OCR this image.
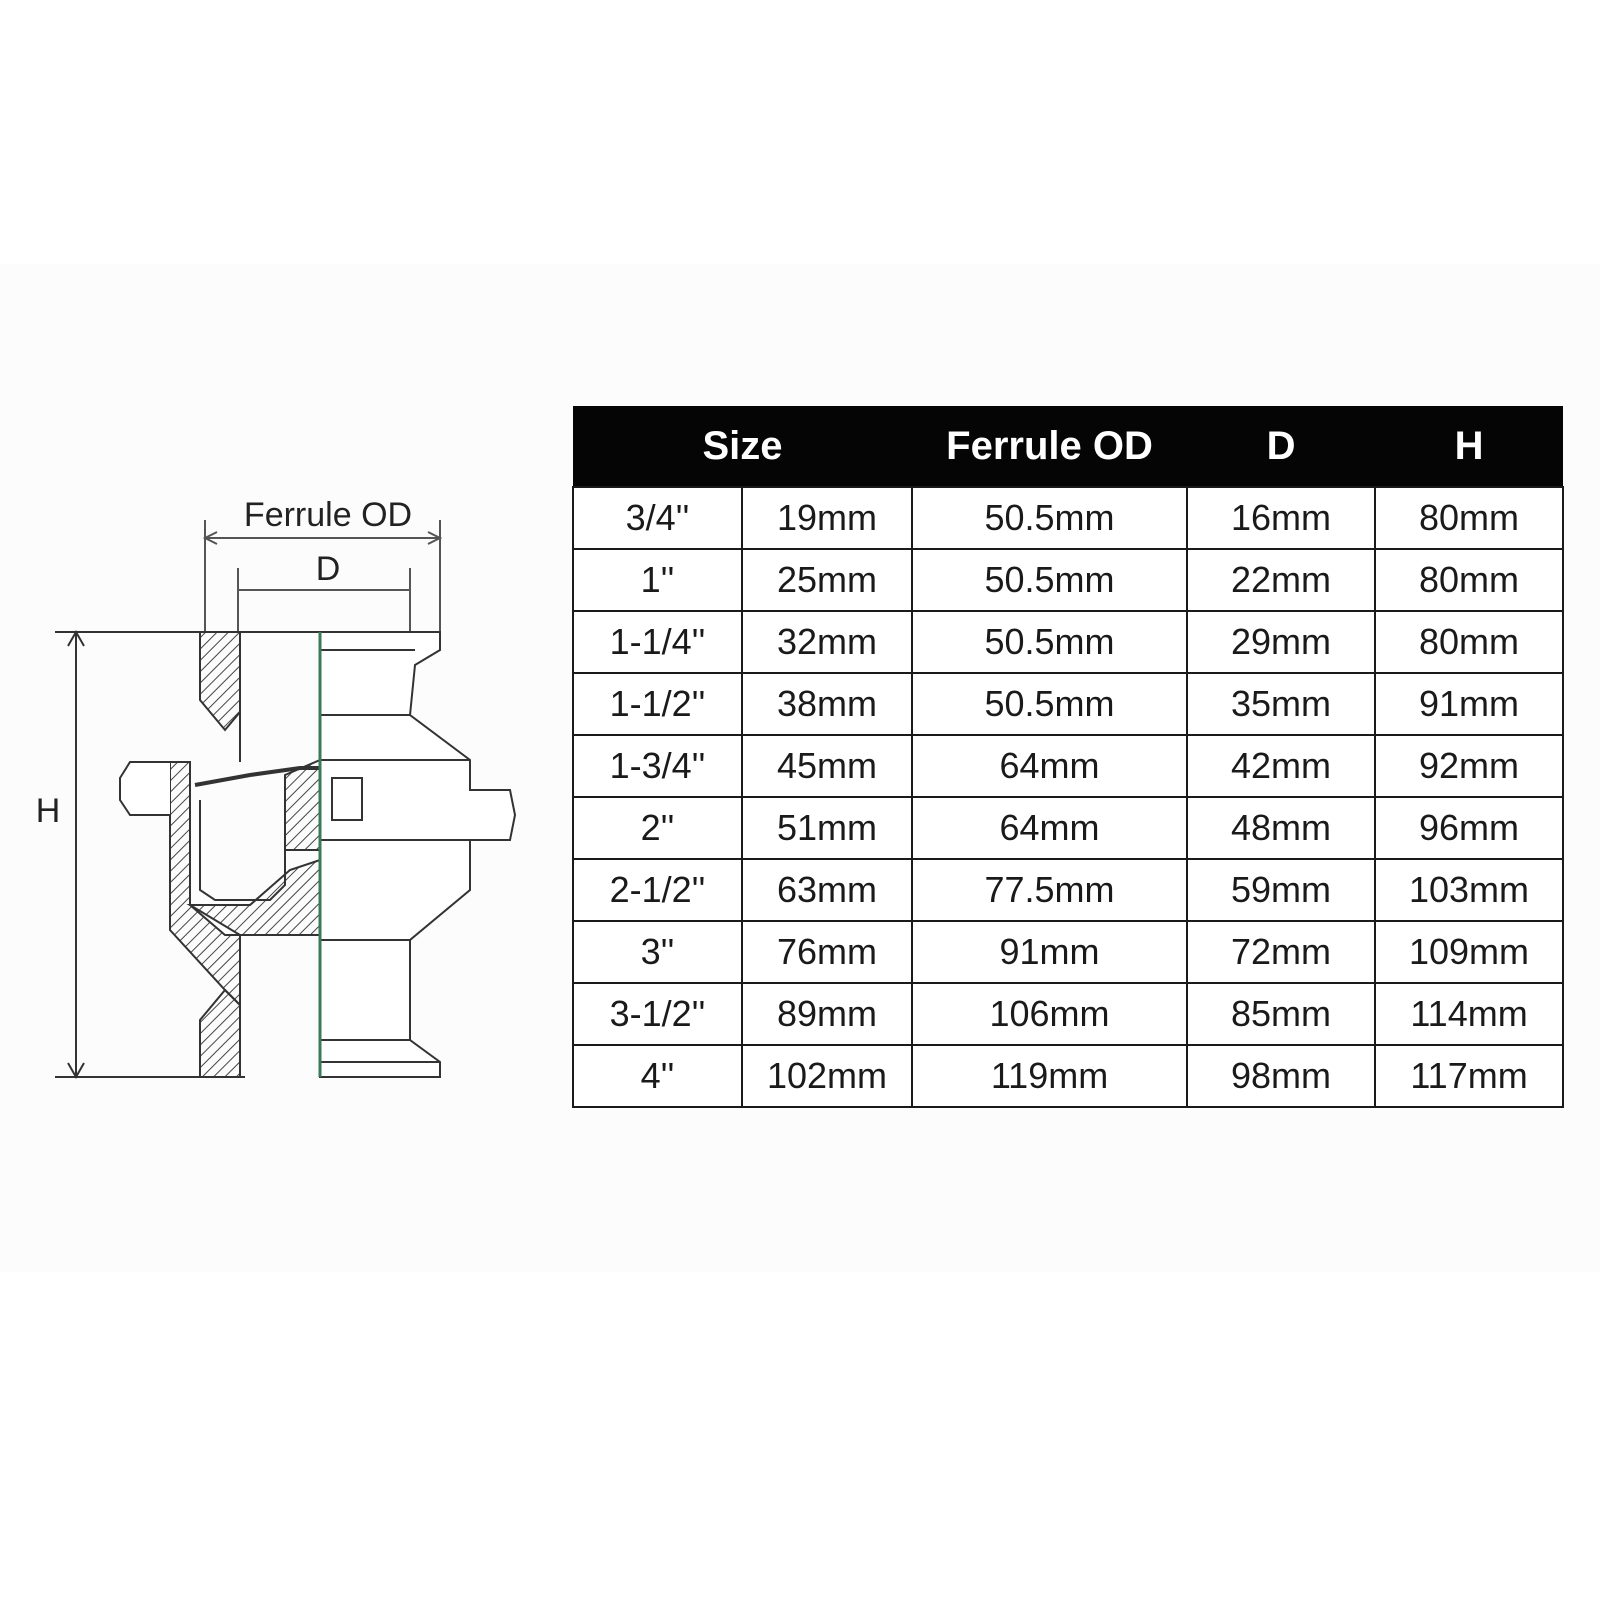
Ferrule OD
D
H
Size		Ferrule OD	D	H
3/4''	19mm	50.5mm	16mm	80mm
1''	25mm	50.5mm	22mm	80mm
1-1/4''	32mm	50.5mm	29mm	80mm
1-1/2''	38mm	50.5mm	35mm	91mm
1-3/4''	45mm	64mm	42mm	92mm
2''	51mm	64mm	48mm	96mm
2-1/2''	63mm	77.5mm	59mm	103mm
3''	76mm	91mm	72mm	109mm
3-1/2''	89mm	106mm	85mm	114mm
4''	102mm	119mm	98mm	117mm
